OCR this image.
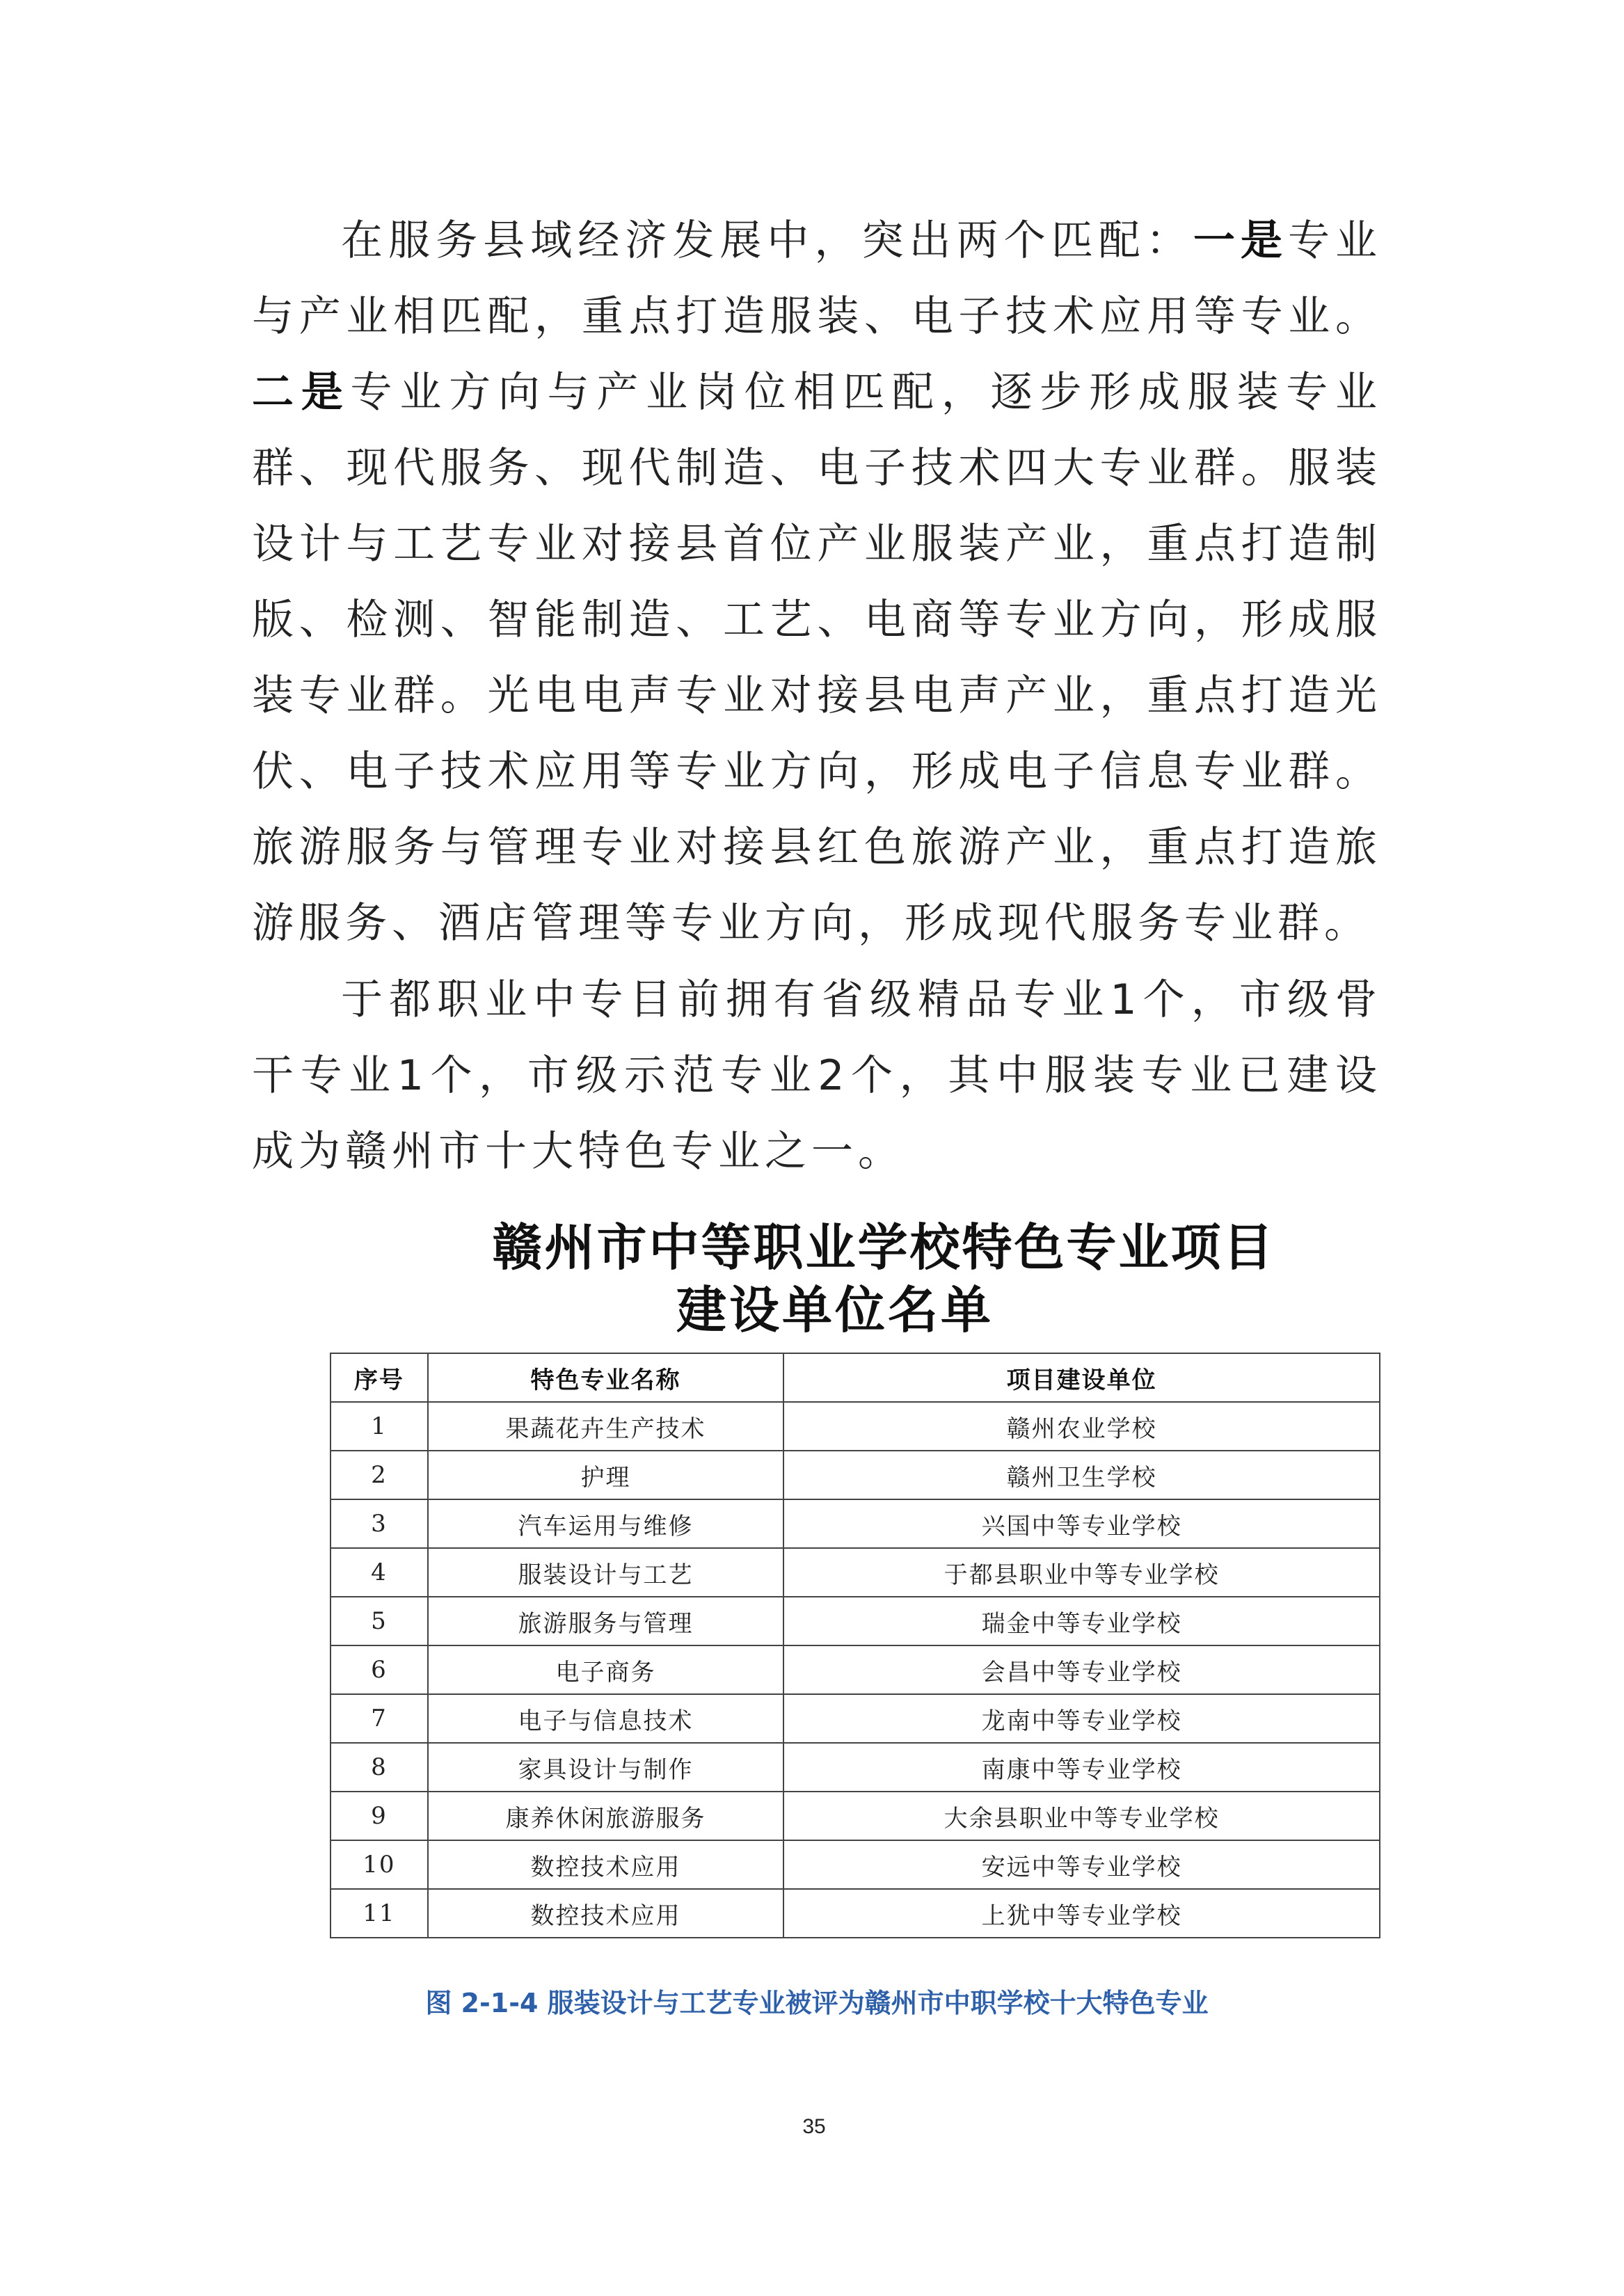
在服务县域经济发展中，突出两个匹配：一是专业与产业相匹配，重点打造服装、电子技术应用等专业。二是专业方向与产业岗位相匹配，逐步形成服装专业群、现代服务、现代制造、电子技术四大专业群。服装设计与工艺专业对接县首位产业服装产业，重点打造制版、检测、智能制造、工艺、电商等专业方向，形成服装专业群。光电电声专业对接县电声产业，重点打造光伏、电子技术应用等专业方向，形成电子信息专业群。旅游服务与管理专业对接县红色旅游产业，重点打造旅游服务、酒店管理等专业方向，形成现代服务专业群。

于都职业中专目前拥有省级精品专业1个，市级骨干专业1个，市级示范专业2个，其中服装专业已建设成为赣州市十大特色专业之一。

赣州市中等职业学校特色专业项目
建设单位名单
序号	特色专业名称	项目建设单位
1	果蔬花卉生产技术	赣州农业学校
2	护理	赣州卫生学校
3	汽车运用与维修	兴国中等专业学校
4	服装设计与工艺	于都县职业中等专业学校
5	旅游服务与管理	瑞金中等专业学校
6	电子商务	会昌中等专业学校
7	电子与信息技术	龙南中等专业学校
8	家具设计与制作	南康中等专业学校
9	康养休闲旅游服务	大余县职业中等专业学校
10	数控技术应用	安远中等专业学校
11	数控技术应用	上犹中等专业学校
图 2-1-4 服装设计与工艺专业被评为赣州市中职学校十大特色专业
35
